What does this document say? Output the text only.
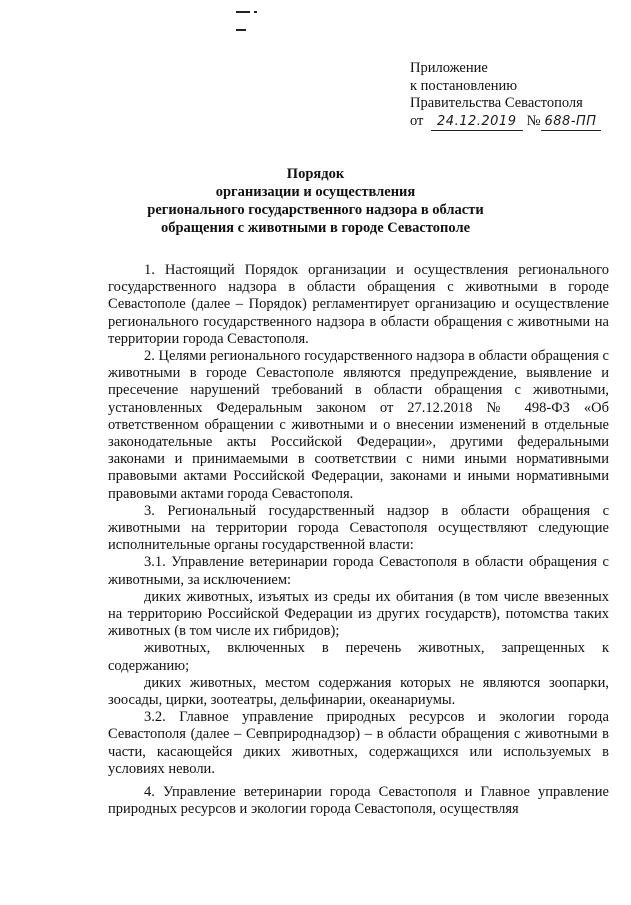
Приложение
к постановлению
Правительства Севастополя
от 24.12.2019 № 688-ПП
Порядок
организации и осуществления
регионального государственного надзора в области
обращения с животными в городе Севастополе

1. Настоящий Порядок организации и осуществления регионального государственного надзора в области обращения с животными в городе Севастополе (далее – Порядок) регламентирует организацию и осуществление регионального государственного надзора в области обращения с животными на территории города Севастополя.

2. Целями регионального государственного надзора в области обращения с животными в городе Севастополе являются предупреждение, выявление и пресечение нарушений требований в области обращения с животными, установленных Федеральным законом от 27.12.2018 № 498-ФЗ «Об ответственном обращении с животными и о внесении изменений в отдельные законодательные акты Российской Федерации», другими федеральными законами и принимаемыми в соответствии с ними иными нормативными правовыми актами Российской Федерации, законами и иными нормативными правовыми актами города Севастополя.

3. Региональный государственный надзор в области обращения с животными на территории города Севастополя осуществляют следующие исполнительные органы государственной власти:

3.1. Управление ветеринарии города Севастополя в области обращения с животными, за исключением:

диких животных, изъятых из среды их обитания (в том числе ввезенных на территорию Российской Федерации из других государств), потомства таких животных (в том числе их гибридов);

животных, включенных в перечень животных, запрещенных к содержанию;

диких животных, местом содержания которых не являются зоопарки, зоосады, цирки, зоотеатры, дельфинарии, океанариумы.

3.2. Главное управление природных ресурсов и экологии города Севастополя (далее – Севприроднадзор) – в области обращения с животными в части, касающейся диких животных, содержащихся или используемых в условиях неволи.

4. Управление ветеринарии города Севастополя и Главное управление природных ресурсов и экологии города Севастополя, осуществляя
